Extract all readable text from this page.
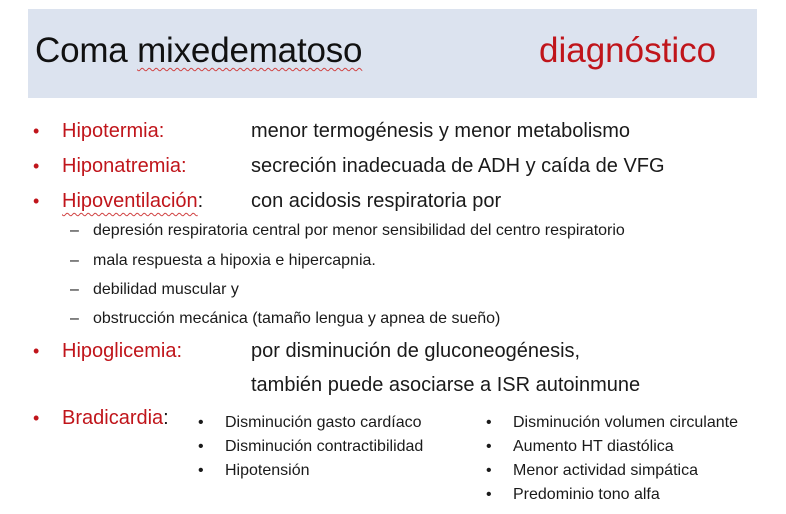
Coma mixedematoso	diagnóstico
• Hipotermia:	menor termogénesis y menor metabolismo
• Hiponatremia:	secreción inadecuada de ADH y caída de VFG
• Hipoventilación: con acidosis respiratoria por
– depresión respiratoria central por menor sensibilidad del centro respiratorio
– mala respuesta a hipoxia e hipercapnia.
– debilidad muscular y
– obstrucción mecánica (tamaño lengua y apnea de sueño)
• Hipoglicemia:	por disminución de gluconeogénesis,
también puede asociarse a ISR autoinmune
• Bradicardia: • Disminución gasto cardíaco
• Disminución contractibilidad
• Hipotensión
• Disminución volumen circulante
• Aumento HT diastólica
• Menor actividad simpática
• Predominio tono alfa
